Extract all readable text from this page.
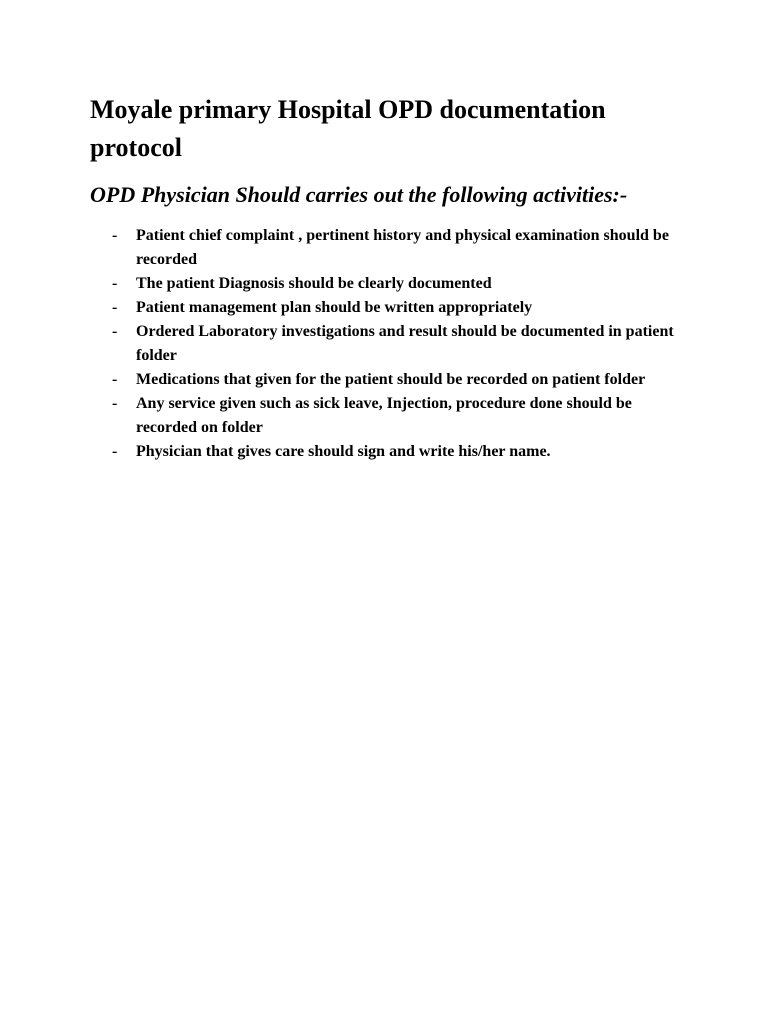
Moyale primary Hospital OPD documentation protocol
OPD Physician Should carries out the following activities:-
- Patient chief complaint , pertinent history and physical examination should be recorded
- The patient Diagnosis should be clearly documented
- Patient management plan should be written appropriately
- Ordered Laboratory investigations and result should be documented in patient folder
- Medications that given for the patient should be recorded on patient folder
- Any service given such as sick leave, Injection, procedure done should be recorded on folder
- Physician that gives care should sign and write his/her name.
